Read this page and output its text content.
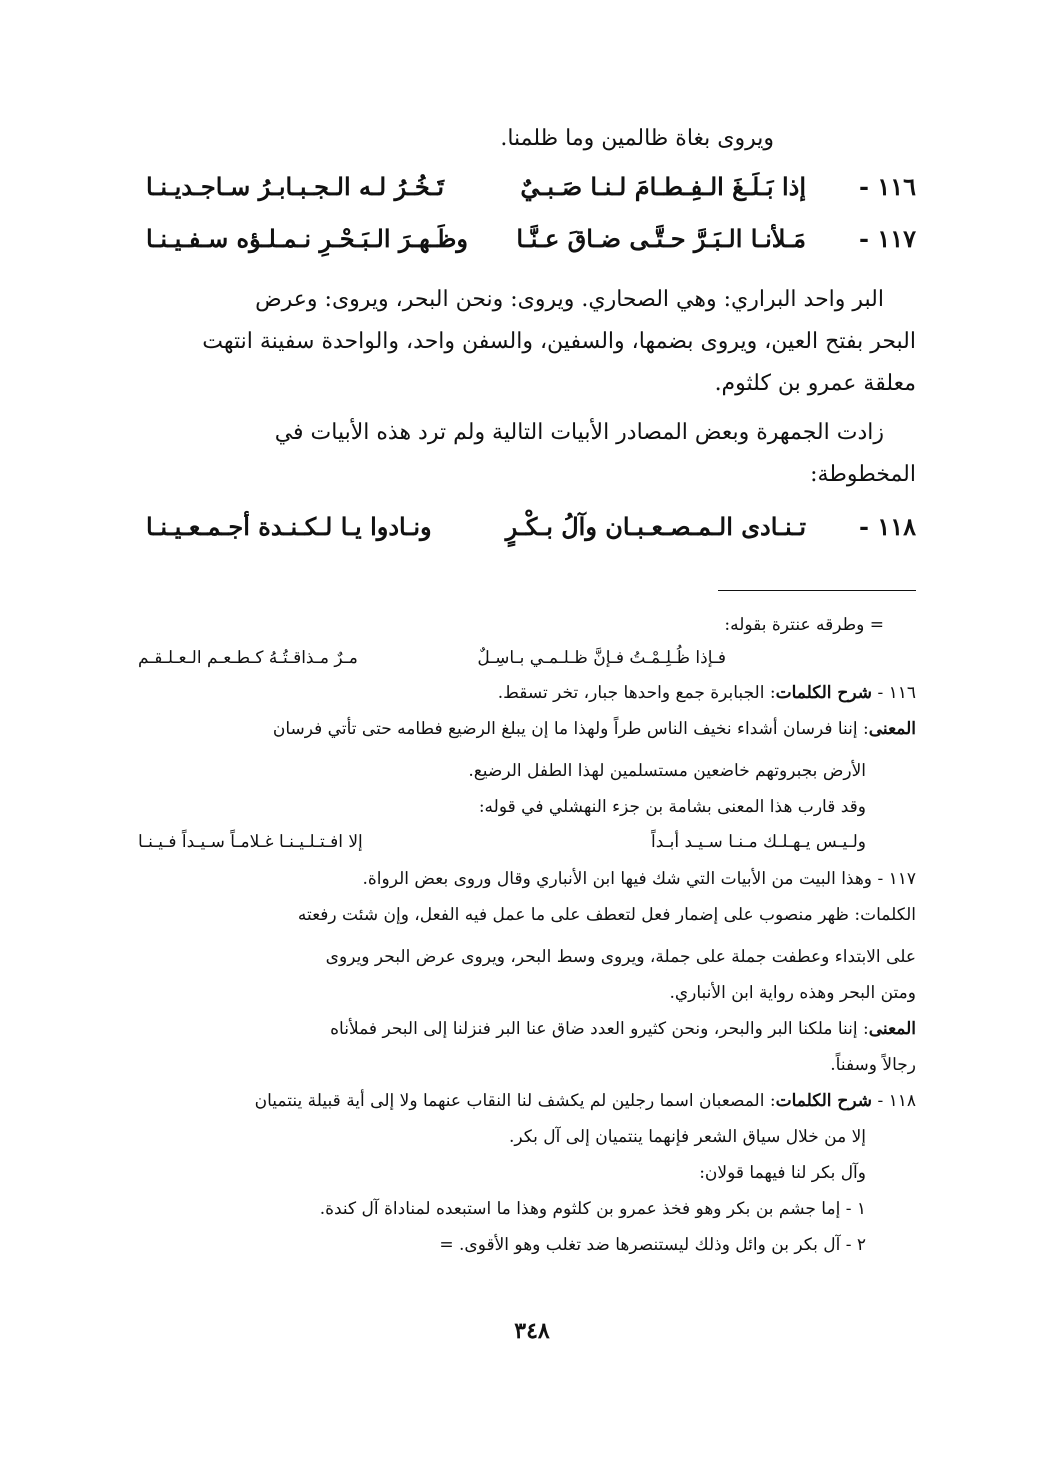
ويروى بغاة ظالمين وما ظلمنا.
١١٦ -
إذا بَـلَـغَ الـفِـطـامَ لـنـا صَـبـيٌ
تَـخُـرُ لـه الـجـبـابـرُ سـاجـديـنـا
١١٧ -
مَـلأنـا الـبَـرَّ حـتَّـى ضـاقَ عـنَّـا
وظَـهـرَ الـبَـحْـرِ نـمـلـؤه سـفـيـنـا
البر واحد البراري: وهي الصحاري. ويروى: ونحن البحر، ويروى: وعرض
البحر بفتح العين، ويروى بضمها، والسفين، والسفن واحد، والواحدة سفينة انتهت
معلقة عمرو بن كلثوم.
زادت الجمهرة وبعض المصادر الأبيات التالية ولم ترد هذه الأبيات في
المخطوطة:
١١٨ -
تـنـادى الـمـصـعـبـان وآلُ بـكْـرٍ
ونـادوا يـا لـكـنـدة أجـمـعـيـنـا
= وطرقه عنترة بقوله:
فـإذا ظُـلِـمْـتُ فـإنَّ ظـلـمـي بـاسِـلٌ
مـرٌ مـذاقـتُـهُ كـطـعـم الـعـلـقـم
١١٦ - شرح الكلمات: الجبابرة جمع واحدها جبار، تخر تسقط.
المعنى: إننا فرسان أشداء نخيف الناس طراً ولهذا ما إن يبلغ الرضيع فطامه حتى تأتي فرسان
الأرض بجبروتهم خاضعين مستسلمين لهذا الطفل الرضيع.
وقد قارب هذا المعنى بشامة بن جزء النهشلي في قوله:
ولـيـس يـهـلـك مـنـا سـيـد أبـداً
إلا افـتـلـيـنـا غـلامـاً سـيـداً فـيـنـا
١١٧ - وهذا البيت من الأبيات التي شك فيها ابن الأنباري وقال وروى بعض الرواة.
الكلمات: ظهر منصوب على إضمار فعل لتعطف على ما عمل فيه الفعل، وإن شئت رفعته
على الابتداء وعطفت جملة على جملة، ويروى وسط البحر، ويروى عرض البحر ويروى
ومتن البحر وهذه رواية ابن الأنباري.
المعنى: إننا ملكنا البر والبحر، ونحن كثيرو العدد ضاق عنا البر فنزلنا إلى البحر فملأناه
رجالاً وسفناً.
١١٨ - شرح الكلمات: المصعبان اسما رجلين لم يكشف لنا النقاب عنهما ولا إلى أية قبيلة ينتميان
إلا من خلال سياق الشعر فإنهما ينتميان إلى آل بكر.
وآل بكر لنا فيهما قولان:
١ - إما جشم بن بكر وهو فخذ عمرو بن كلثوم وهذا ما استبعده لمناداة آل كندة.
٢ - آل بكر بن وائل وذلك ليستنصرها ضد تغلب وهو الأقوى. =
٣٤٨
